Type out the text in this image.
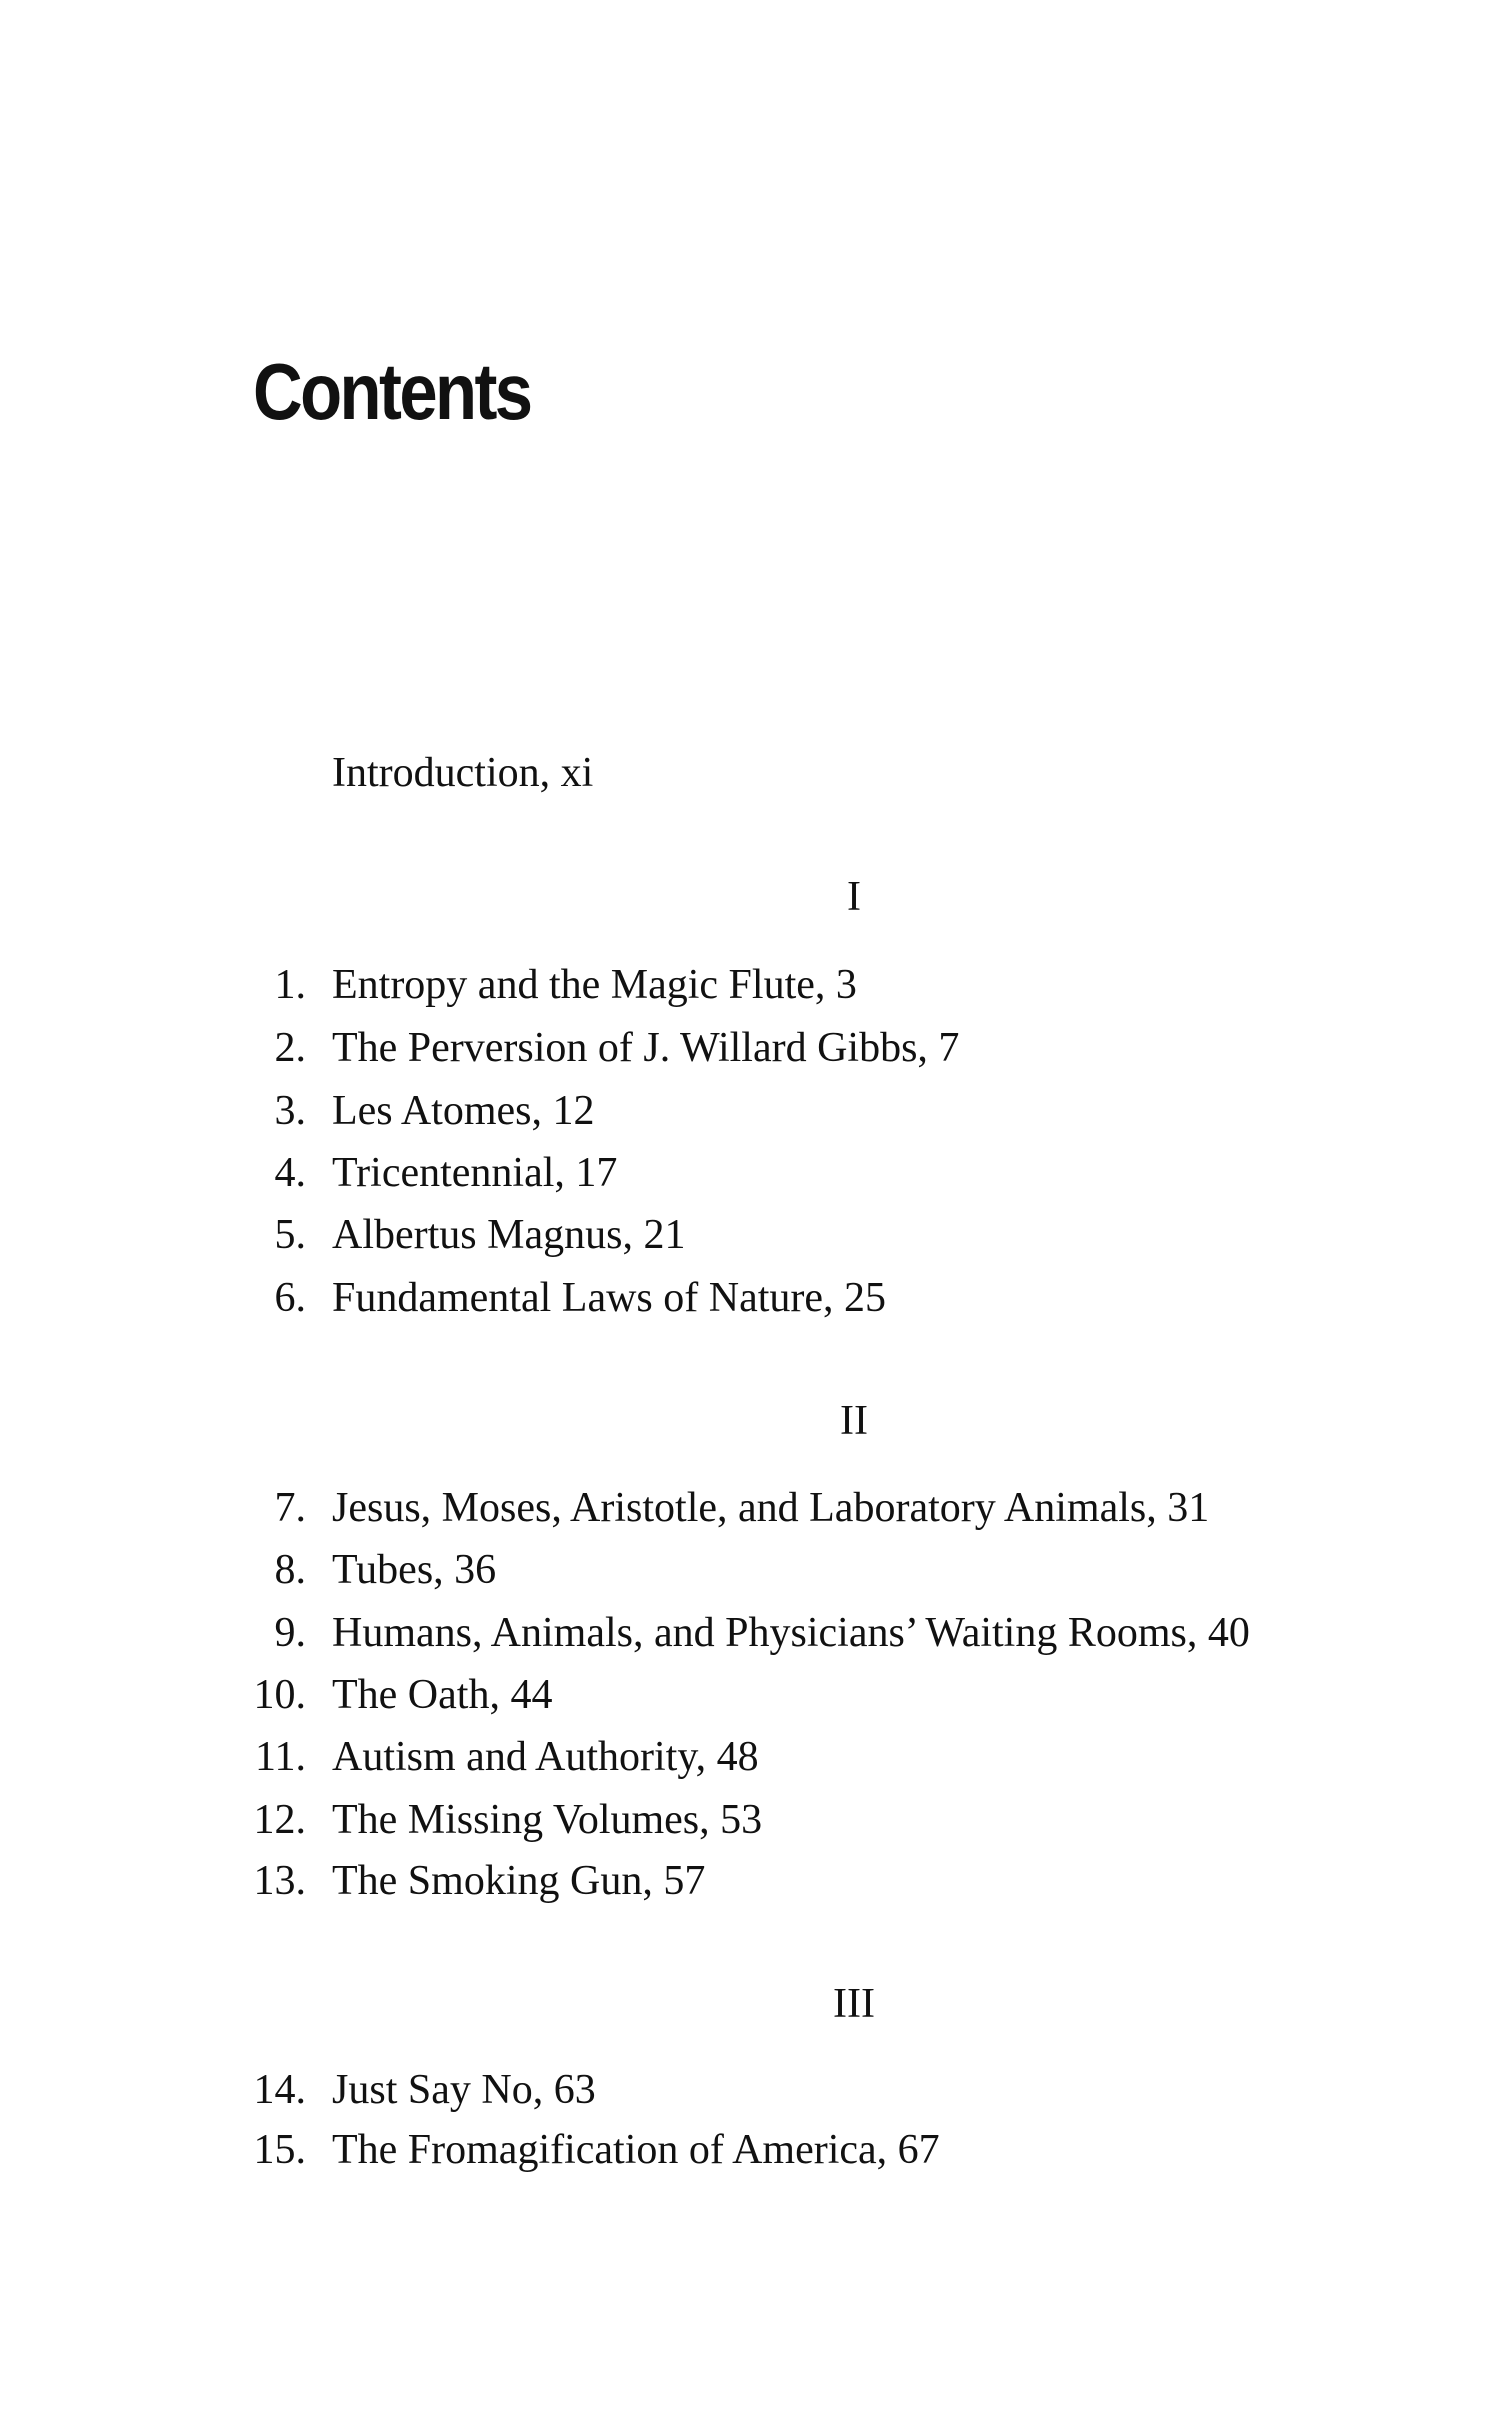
Contents
Introduction, xi
I
1. Entropy and the Magic Flute, 3
2. The Perversion of J. Willard Gibbs, 7
3. Les Atomes, 12
4. Tricentennial, 17
5. Albertus Magnus, 21
6. Fundamental Laws of Nature, 25
II
7. Jesus, Moses, Aristotle, and Laboratory Animals, 31
8. Tubes, 36
9. Humans, Animals, and Physicians’ Waiting Rooms, 40
10. The Oath, 44
11. Autism and Authority, 48
12. The Missing Volumes, 53
13. The Smoking Gun, 57
III
14. Just Say No, 63
15. The Fromagification of America, 67
